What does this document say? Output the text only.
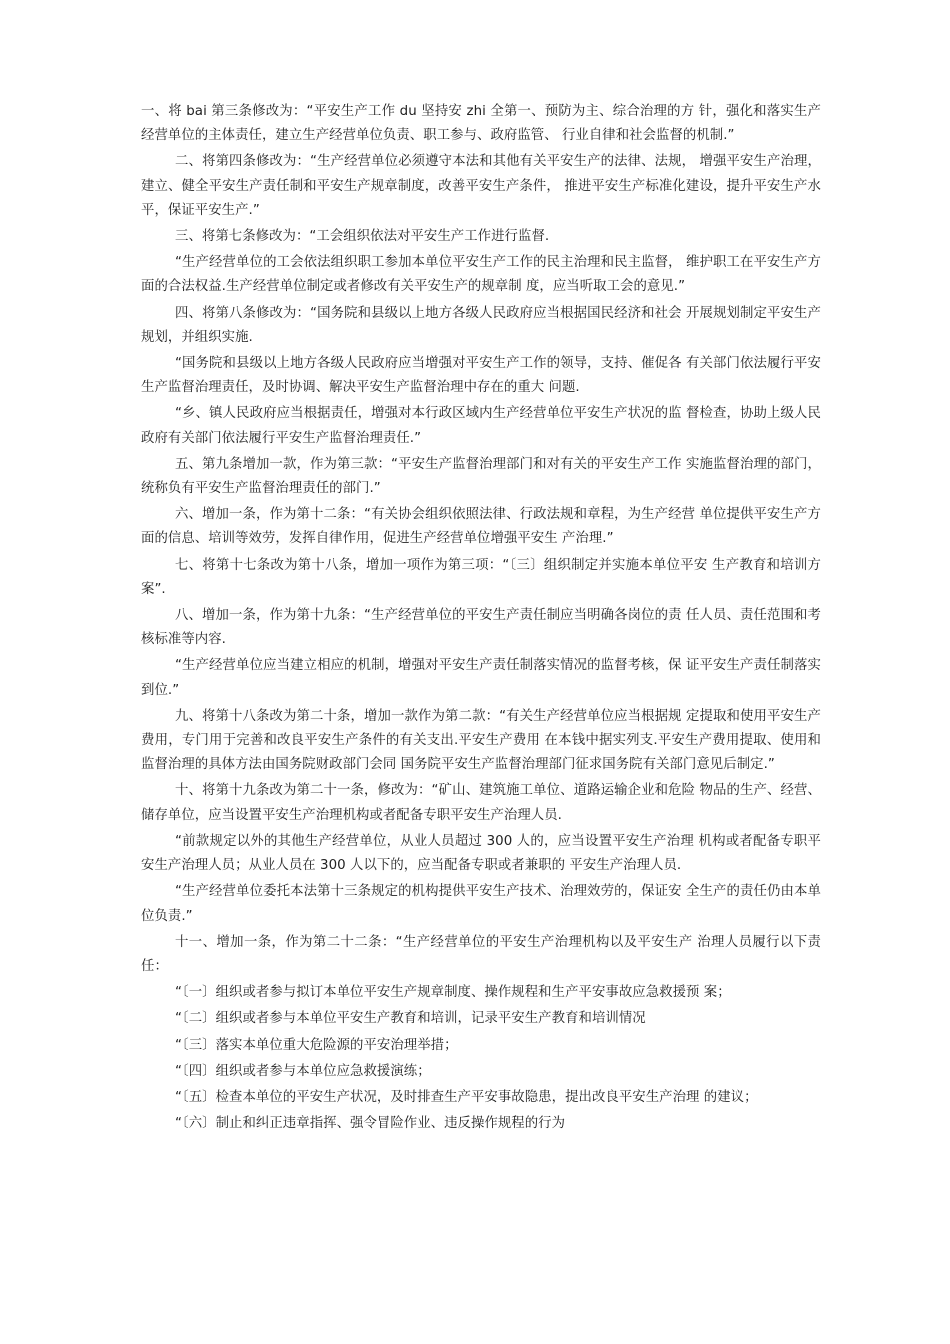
一、将 bai 第三条修改为：“平安生产工作 du 坚持安 zhi 全第一、预防为主、综合治理的方 针，强化和落实生产经营单位的主体责任，建立生产经营单位负责、职工参与、政府监管、 行业自律和社会监督的机制.”

二、将第四条修改为：“生产经营单位必须遵守本法和其他有关平安生产的法律、法规， 增强平安生产治理，建立、健全平安生产责任制和平安生产规章制度，改善平安生产条件， 推进平安生产标准化建设，提升平安生产水平，保证平安生产.”

三、将第七条修改为：“工会组织依法对平安生产工作进行监督.

“生产经营单位的工会依法组织职工参加本单位平安生产工作的民主治理和民主监督， 维护职工在平安生产方面的合法权益.生产经营单位制定或者修改有关平安生产的规章制 度，应当听取工会的意见.”

四、将第八条修改为：“国务院和县级以上地方各级人民政府应当根据国民经济和社会 开展规划制定平安生产规划，并组织实施.

“国务院和县级以上地方各级人民政府应当增强对平安生产工作的领导，支持、催促各 有关部门依法履行平安生产监督治理责任，及时协调、解决平安生产监督治理中存在的重大 问题.

“乡、镇人民政府应当根据责任，增强对本行政区域内生产经营单位平安生产状况的监 督检查，协助上级人民政府有关部门依法履行平安生产监督治理责任.”

五、第九条增加一款，作为第三款：“平安生产监督治理部门和对有关的平安生产工作 实施监督治理的部门，统称负有平安生产监督治理责任的部门.”

六、增加一条，作为第十二条：“有关协会组织依照法律、行政法规和章程，为生产经营 单位提供平安生产方面的信息、培训等效劳，发挥自律作用，促进生产经营单位增强平安生 产治理.”

七、将第十七条改为第十八条，增加一项作为第三项：“〔三〕组织制定并实施本单位平安 生产教育和培训方案”.

八、增加一条，作为第十九条：“生产经营单位的平安生产责任制应当明确各岗位的责 任人员、责任范围和考核标准等内容.

“生产经营单位应当建立相应的机制，增强对平安生产责任制落实情况的监督考核，保 证平安生产责任制落实到位.”

九、将第十八条改为第二十条，增加一款作为第二款：“有关生产经营单位应当根据规 定提取和使用平安生产费用，专门用于完善和改良平安生产条件的有关支出.平安生产费用 在本钱中据实列支.平安生产费用提取、使用和监督治理的具体方法由国务院财政部门会同 国务院平安生产监督治理部门征求国务院有关部门意见后制定.”

十、将第十九条改为第二十一条，修改为：“矿山、建筑施工单位、道路运输企业和危险 物品的生产、经营、储存单位，应当设置平安生产治理机构或者配备专职平安生产治理人员.

“前款规定以外的其他生产经营单位，从业人员超过 300 人的，应当设置平安生产治理 机构或者配备专职平安生产治理人员；从业人员在 300 人以下的，应当配备专职或者兼职的 平安生产治理人员.

“生产经营单位委托本法第十三条规定的机构提供平安生产技术、治理效劳的，保证安 全生产的责任仍由本单位负责.”

十一、增加一条，作为第二十二条：“生产经营单位的平安生产治理机构以及平安生产 治理人员履行以下责任：

“〔一〕组织或者参与拟订本单位平安生产规章制度、操作规程和生产平安事故应急救援预 案；

“〔二〕组织或者参与本单位平安生产教育和培训，记录平安生产教育和培训情况

“〔三〕落实本单位重大危险源的平安治理举措；

“〔四〕组织或者参与本单位应急救援演练；

“〔五〕检查本单位的平安生产状况，及时排查生产平安事故隐患，提出改良平安生产治理 的建议；

“〔六〕制止和纠正违章指挥、强令冒险作业、违反操作规程的行为
